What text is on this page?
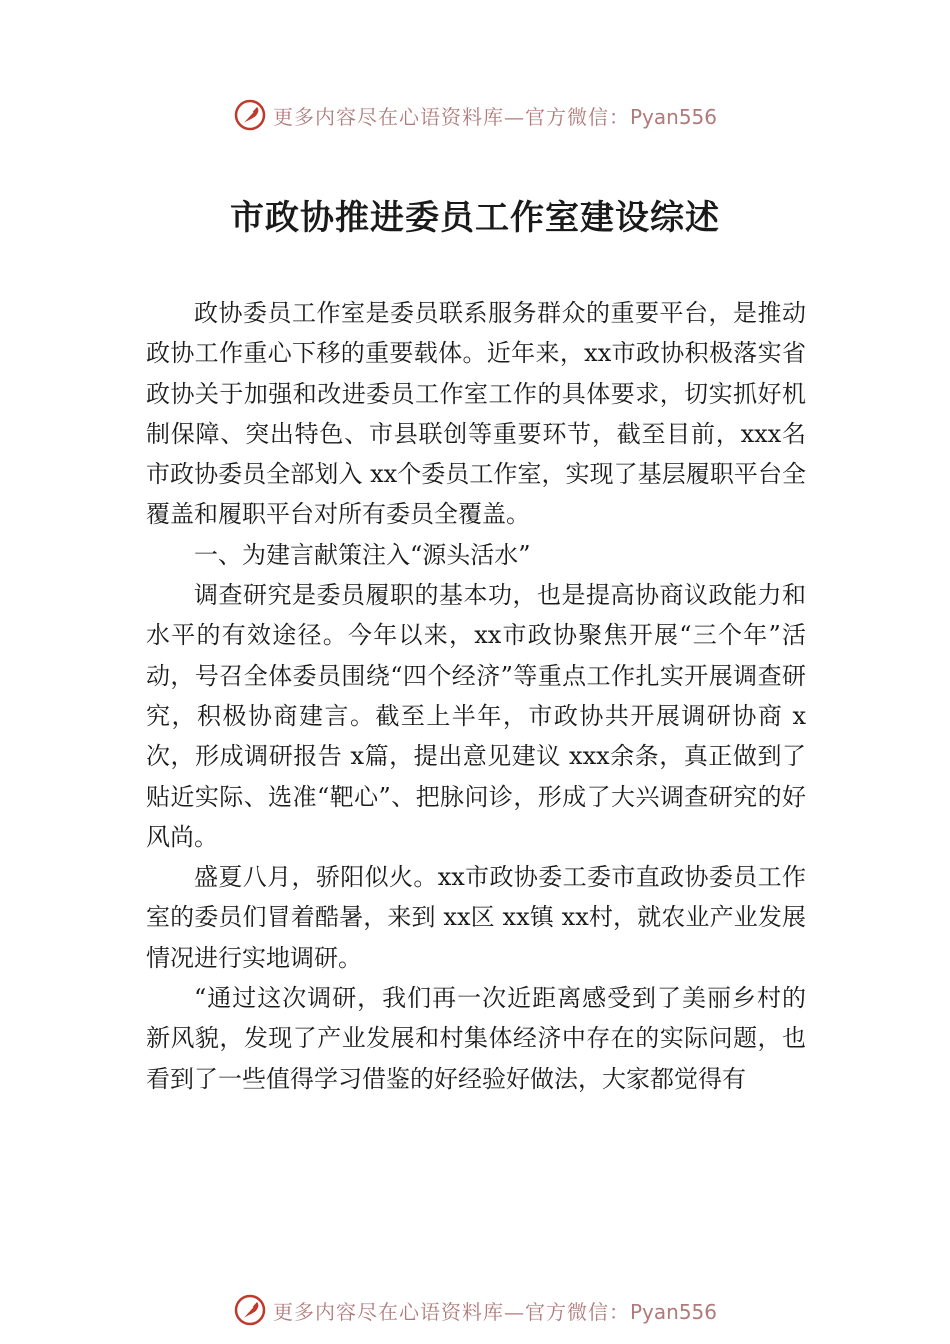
更多内容尽在心语资料库—官方微信：Pyan556
市政协推进委员工作室建设综述

政协委员工作室是委员联系服务群众的重要平台，是推动政协工作重心下移的重要载体。近年来，xx市政协积极落实省政协关于加强和改进委员工作室工作的具体要求，切实抓好机制保障、突出特色、市县联创等重要环节，截至目前，xxx名市政协委员全部划入 xx个委员工作室，实现了基层履职平台全覆盖和履职平台对所有委员全覆盖。

一、为建言献策注入“源头活水”

调查研究是委员履职的基本功，也是提高协商议政能力和水平的有效途径。今年以来，xx市政协聚焦开展“三个年”活动，号召全体委员围绕“四个经济”等重点工作扎实开展调查研究，积极协商建言。截至上半年，市政协共开展调研协商 x次，形成调研报告 x篇，提出意见建议 xxx余条，真正做到了贴近实际、选准“靶心”、把脉问诊，形成了大兴调查研究的好风尚。

盛夏八月，骄阳似火。xx市政协委工委市直政协委员工作室的委员们冒着酷暑，来到 xx区 xx镇 xx村，就农业产业发展情况进行实地调研。

“通过这次调研，我们再一次近距离感受到了美丽乡村的新风貌，发现了产业发展和村集体经济中存在的实际问题，也看到了一些值得学习借鉴的好经验好做法，大家都觉得有

更多内容尽在心语资料库—官方微信：Pyan556
